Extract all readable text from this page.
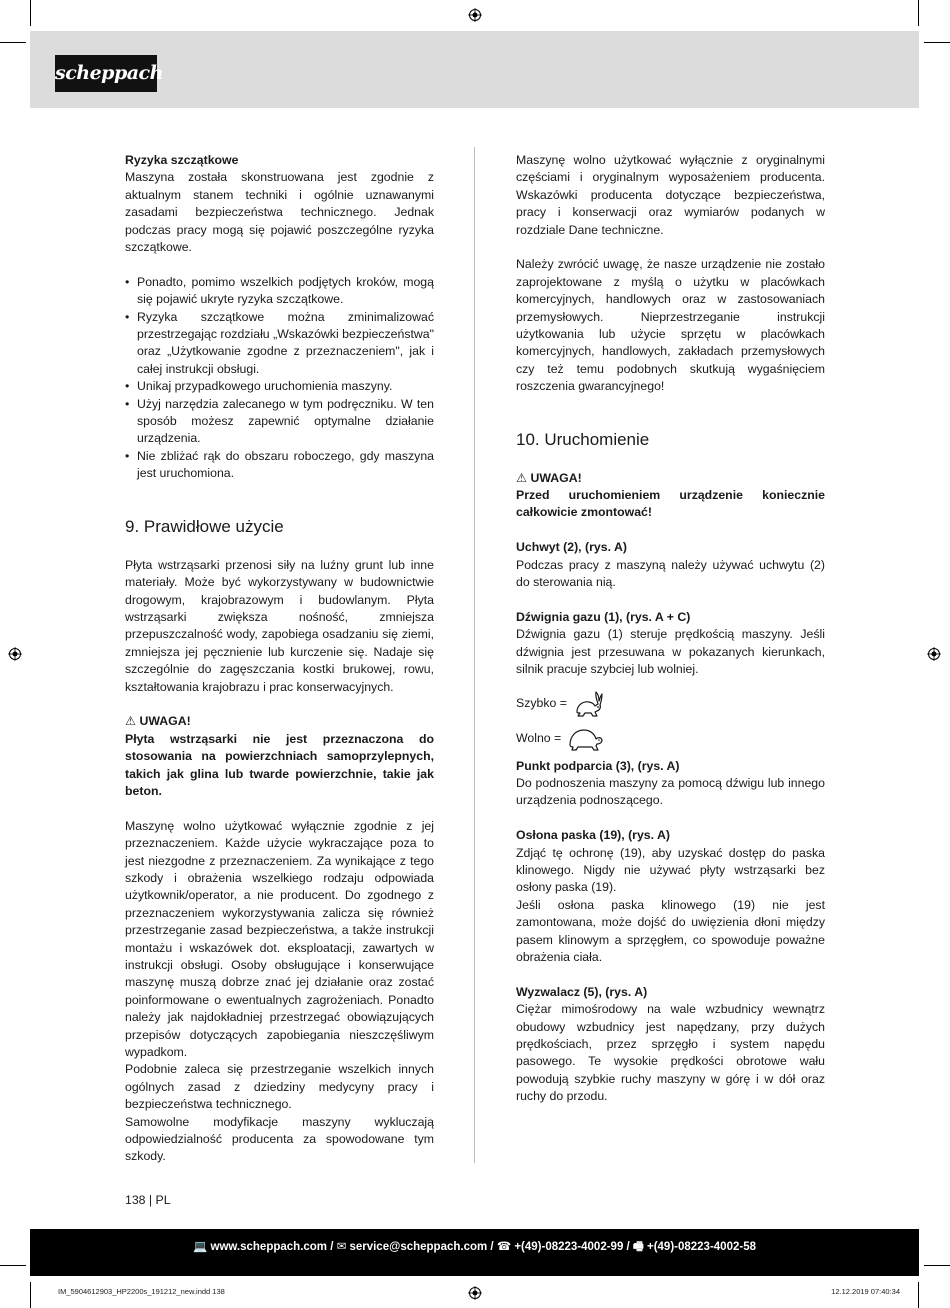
scheppach

Ryzyka szczątkowe

Maszyna została skonstruowana jest zgodnie z aktualnym stanem techniki i ogólnie uznawanymi zasadami bezpieczeństwa technicznego. Jednak podczas pracy mogą się pojawić poszczególne ryzyka szczątkowe.

• Ponadto, pomimo wszelkich podjętych kroków, mogą się pojawić ukryte ryzyka szczątkowe.
• Ryzyka szczątkowe można zminimalizować przestrzegając rozdziału „Wskazówki bezpieczeństwa" oraz „Użytkowanie zgodne z przeznaczeniem", jak i całej instrukcji obsługi.
• Unikaj przypadkowego uruchomienia maszyny.
• Użyj narzędzia zalecanego w tym podręczniku. W ten sposób możesz zapewnić optymalne działanie urządzenia.
• Nie zbliżać rąk do obszaru roboczego, gdy maszyna jest uruchomiona.
9. Prawidłowe użycie

Płyta wstrząsarki przenosi siły na luźny grunt lub inne materiały. Może być wykorzystywany w budownictwie drogowym, krajobrazowym i budowlanym. Płyta wstrząsarki zwiększa nośność, zmniejsza przepuszczalność wody, zapobiega osadzaniu się ziemi, zmniejsza jej pęcznienie lub kurczenie się. Nadaje się szczególnie do zagęszczania kostki brukowej, rowu, kształtowania krajobrazu i prac konserwacyjnych.

⚠ UWAGA!

Płyta wstrząsarki nie jest przeznaczona do stosowania na powierzchniach samoprzylepnych, takich jak glina lub twarde powierzchnie, takie jak beton.

Maszynę wolno użytkować wyłącznie zgodnie z jej przeznaczeniem. Każde użycie wykraczające poza to jest niezgodne z przeznaczeniem. Za wynikające z tego szkody i obrażenia wszelkiego rodzaju odpowiada użytkownik/operator, a nie producent. Do zgodnego z przeznaczeniem wykorzystywania zalicza się również przestrzeganie zasad bezpieczeństwa, a także instrukcji montażu i wskazówek dot. eksploatacji, zawartych w instrukcji obsługi. Osoby obsługujące i konserwujące maszynę muszą dobrze znać jej działanie oraz zostać poinformowane o ewentualnych zagrożeniach. Ponadto należy jak najdokładniej przestrzegać obowiązujących przepisów dotyczących zapobiegania nieszczęśliwym wypadkom.

Podobnie zaleca się przestrzeganie wszelkich innych ogólnych zasad z dziedziny medycyny pracy i bezpieczeństwa technicznego.

Samowolne modyfikacje maszyny wykluczają odpowiedzialność producenta za spowodowane tym szkody.

Maszynę wolno użytkować wyłącznie z oryginalnymi częściami i oryginalnym wyposażeniem producenta. Wskazówki producenta dotyczące bezpieczeństwa, pracy i konserwacji oraz wymiarów podanych w rozdziale Dane techniczne.

Należy zwrócić uwagę, że nasze urządzenie nie zostało zaprojektowane z myślą o użytku w placówkach komercyjnych, handlowych oraz w zastosowaniach przemysłowych. Nieprzestrzeganie instrukcji użytkowania lub użycie sprzętu w placówkach komercyjnych, handlowych, zakładach przemysłowych czy też temu podobnych skutkują wygaśnięciem roszczenia gwarancyjnego!

10. Uruchomienie

⚠ UWAGA!

Przed uruchomieniem urządzenie koniecznie całkowicie zmontować!

Uchwyt (2), (rys. A)

Podczas pracy z maszyną należy używać uchwytu (2) do sterowania nią.

Dźwignia gazu (1), (rys. A + C)

Dźwignia gazu (1) steruje prędkością maszyny. Jeśli dźwignia jest przesuwana w pokazanych kierunkach, silnik pracuje szybciej lub wolniej.

Szybko =
Wolno =

Punkt podparcia (3), (rys. A)

Do podnoszenia maszyny za pomocą dźwigu lub innego urządzenia podnoszącego.

Osłona paska (19), (rys. A)

Zdjąć tę ochronę (19), aby uzyskać dostęp do paska klinowego. Nigdy nie używać płyty wstrząsarki bez osłony paska (19).

Jeśli osłona paska klinowego (19) nie jest zamontowana, może dojść do uwięzienia dłoni między pasem klinowym a sprzęgłem, co spowoduje poważne obrażenia ciała.

Wyzwalacz (5), (rys. A)

Ciężar mimośrodowy na wale wzbudnicy wewnątrz obudowy wzbudnicy jest napędzany, przy dużych prędkościach, przez sprzęgło i system napędu pasowego. Te wysokie prędkości obrotowe wału powodują szybkie ruchy maszyny w górę i w dół oraz ruchy do przodu.

138 | PL
💻 www.scheppach.com / ✉ service@scheppach.com / ☎ +(49)-08223-4002-99 / 🖷 +(49)-08223-4002-58
IM_5904612903_HP2200s_191212_new.indd 138	12.12.2019 07:40:34
